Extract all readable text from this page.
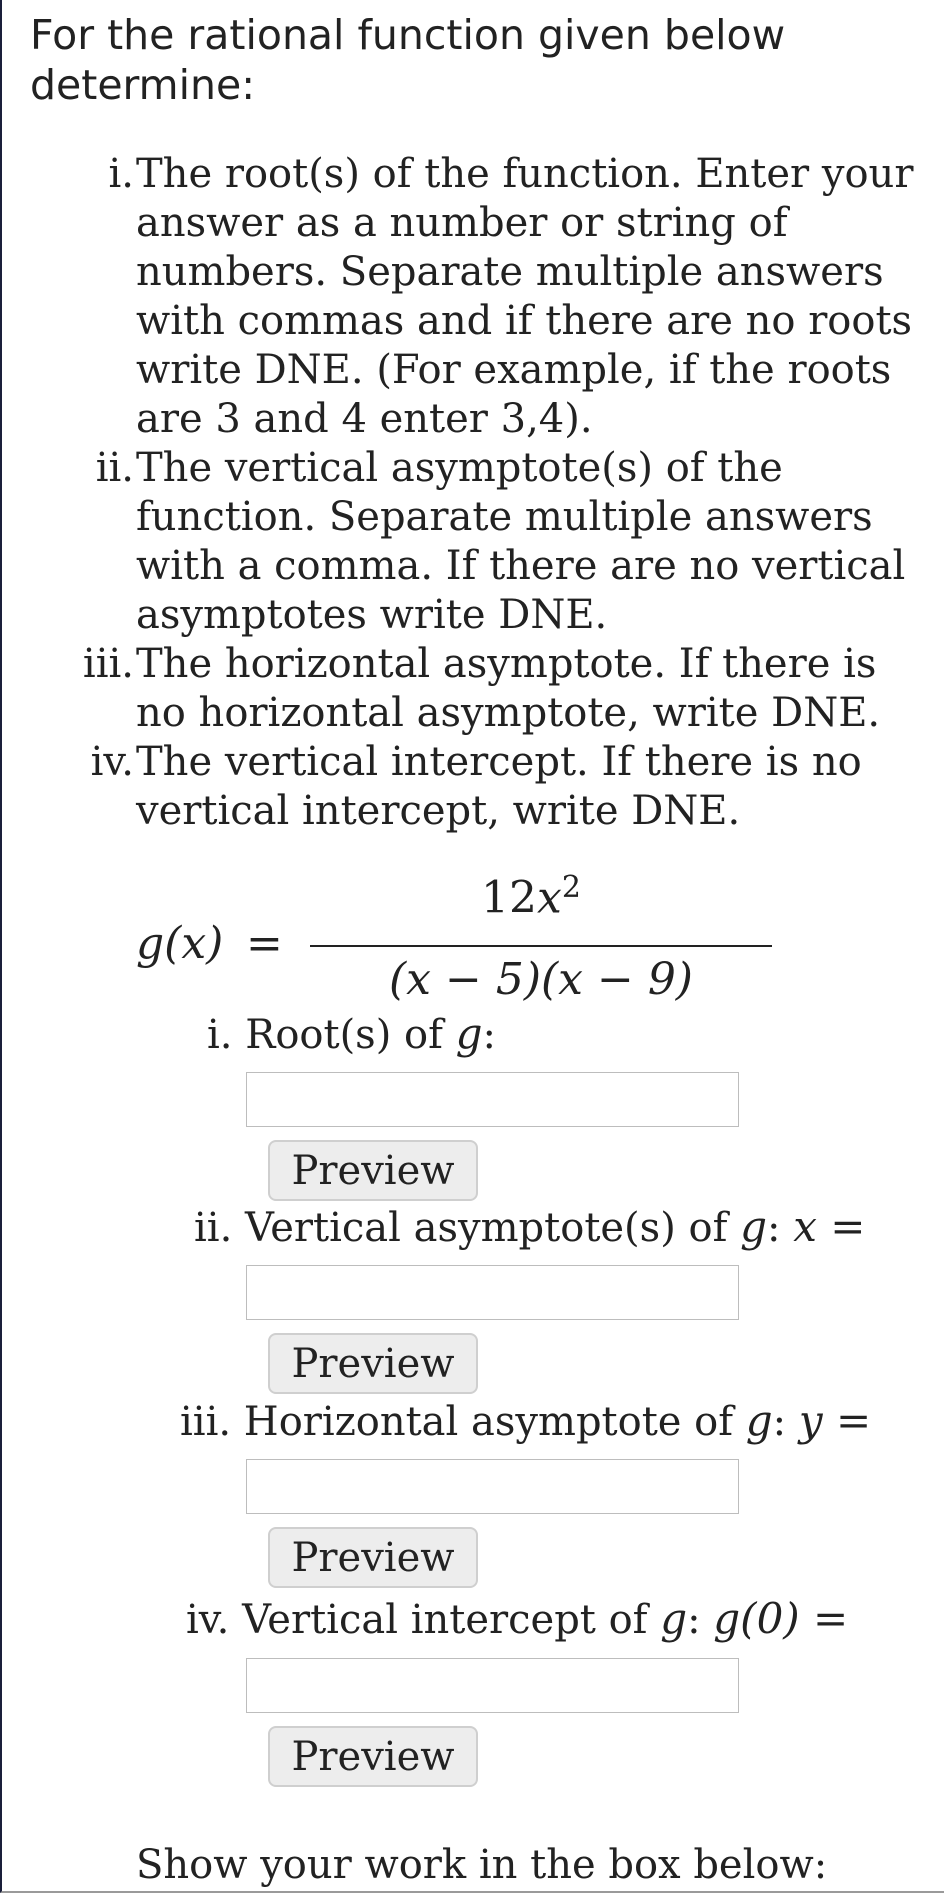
For the rational function given below determine:
i. The root(s) of the function. Enter your answer as a number or string of numbers. Separate multiple answers with commas and if there are no roots write DNE. (For example, if the roots are 3 and 4 enter 3,4).
ii. The vertical asymptote(s) of the function. Separate multiple answers with a comma. If there are no vertical asymptotes write DNE.
iii. The horizontal asymptote. If there is no horizontal asymptote, write DNE.
iv. The vertical intercept. If there is no vertical intercept, write DNE.
g(x) =
$12x^2$
(x − 5)(x − 9)
i. Root(s) of g:
Preview
ii. Vertical asymptote(s) of g: x =
Preview
iii. Horizontal asymptote of g: y =
Preview
iv. Vertical intercept of g: g(0) =
Preview
Show your work in the box below:
